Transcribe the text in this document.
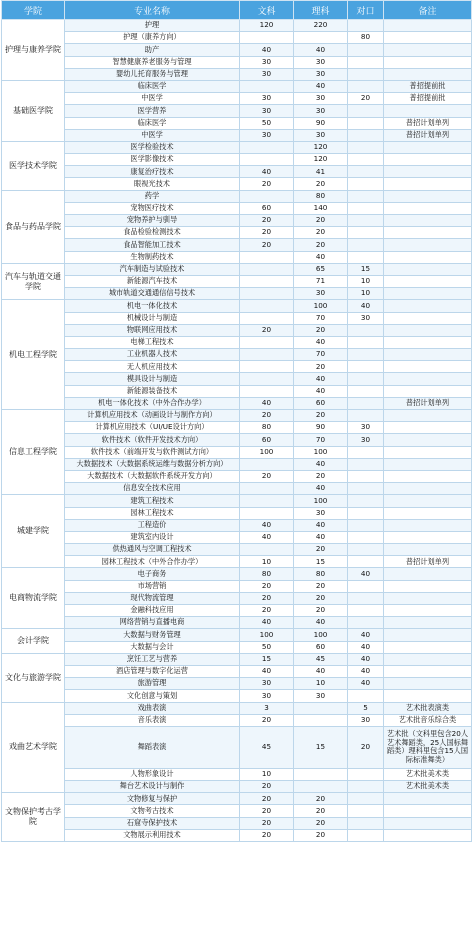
学院	专业名称	文科	理科	对口	备注
护理与康养学院	护理	120	220		
	护理（康养方向）			80	
	助产	40	40		
	智慧健康养老服务与管理	30	30		
	婴幼儿托育服务与管理	30	30		
基础医学院	临床医学		40		普招提前批
	中医学	30	30	20	普招提前批
	医学营养	30	30		
	临床医学	50	90		普招计划单列
	中医学	30	30		普招计划单列
医学技术学院	医学检验技术		120		
	医学影像技术		120		
	康复治疗技术	40	41		
	眼视光技术	20	20		
食品与药品学院	药学		80		
	宠物医疗技术	60	140		
	宠物养护与驯导	20	20		
	食品检验检测技术	20	20		
	食品智能加工技术	20	20		
	生物制药技术		40		
汽车与轨道交通学院	汽车制造与试验技术		65	15	
	新能源汽车技术		71	10	
	城市轨道交通通信信号技术		30	10	
机电工程学院	机电一体化技术		100	40	
	机械设计与制造		70	30	
	物联网应用技术	20	20		
	电梯工程技术		40		
	工业机器人技术		70		
	无人机应用技术		20		
	模具设计与制造		40		
	新能源装备技术		40		
	机电一体化技术（中外合作办学）	40	60		普招计划单列
信息工程学院	计算机应用技术（动画设计与制作方向）	20	20		
	计算机应用技术（UI/UE设计方向）	80	90	30	
	软件技术（软件开发技术方向）	60	70	30	
	软件技术（前端开发与软件测试方向）	100	100		
	大数据技术（大数据系统运维与数据分析方向）		40		
	大数据技术（大数据软件系统开发方向）	20	20		
	信息安全技术应用		40		
城建学院	建筑工程技术		100		
	园林工程技术		30		
	工程造价	40	40		
	建筑室内设计	40	40		
	供热通风与空调工程技术		20		
	园林工程技术（中外合作办学）	10	15		普招计划单列
电商物流学院	电子商务	80	80	40	
	市场营销	20	20		
	现代物流管理	20	20		
	金融科技应用	20	20		
	网络营销与直播电商	40	40		
会计学院	大数据与财务管理	100	100	40	
	大数据与会计	50	60	40	
文化与旅游学院	烹饪工艺与营养	15	45	40	
	酒店管理与数字化运营	40	40	40	
	旅游管理	30	10	40	
	文化创意与策划	30	30		
戏曲艺术学院	戏曲表演	3		5	艺术批表演类
	音乐表演	20		30	艺术批音乐综合类
	舞蹈表演	45	15	20	艺术批（文科里包含20人艺术舞蹈类，25人国标舞蹈类）理科里包含15人国际标准舞类）
	人物形象设计	10			艺术批美术类
	舞台艺术设计与制作	20			艺术批美术类
文物保护考古学院	文物修复与保护	20	20		
	文物考古技术	20	20		
	石窟寺保护技术	20	20		
	文物展示利用技术	20	20		
